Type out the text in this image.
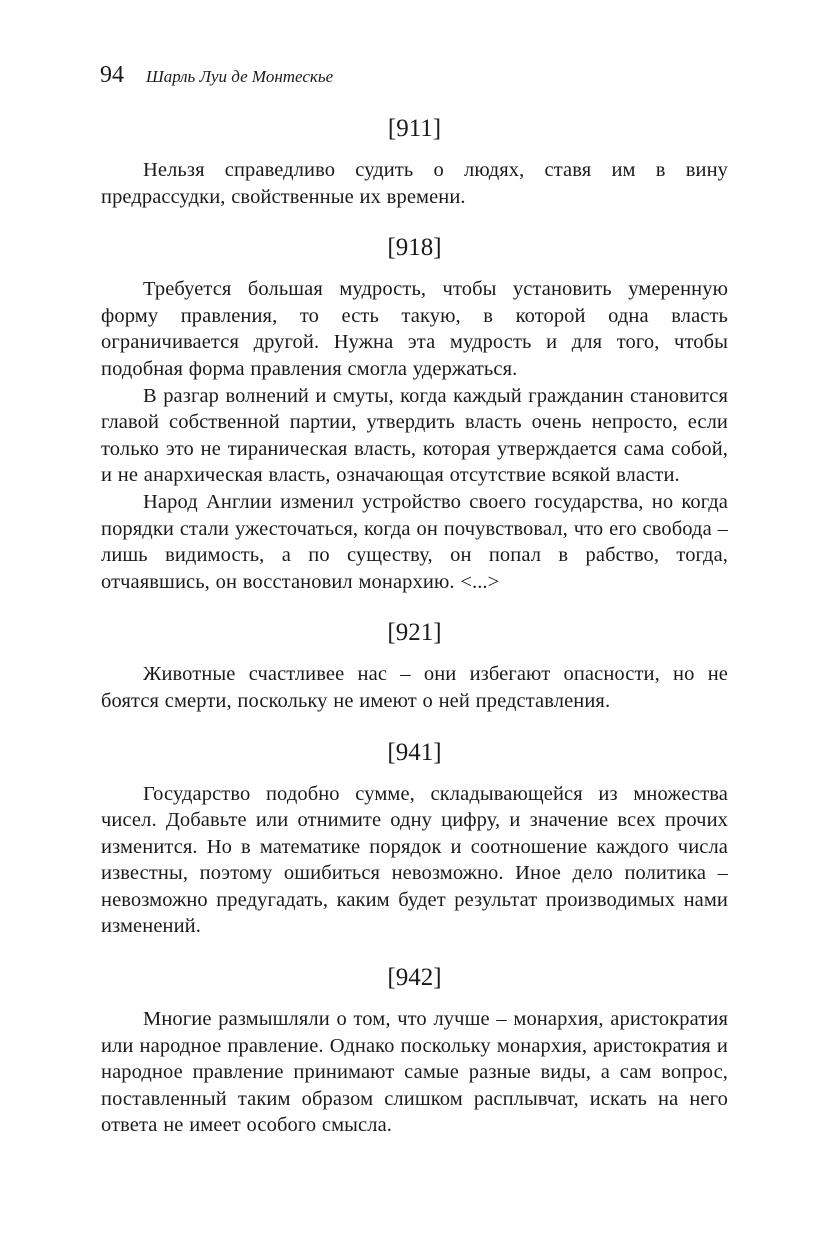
94 Шарль Луи де Монтескье
[911]

Нельзя справедливо судить о людях, ставя им в вину предрассудки, свойственные их времени.

[918]

Требуется большая мудрость, чтобы установить умеренную форму правления, то есть такую, в которой одна власть ограничивается другой. Нужна эта мудрость и для того, чтобы подобная форма правления смогла удержаться.

В разгар волнений и смуты, когда каждый гражданин становится главой собственной партии, утвердить власть очень непросто, если только это не тираническая власть, которая утверждается сама собой, и не анархическая власть, означающая отсутствие всякой власти.

Народ Англии изменил устройство своего государства, но когда порядки стали ужесточаться, когда он почувствовал, что его свобода – лишь видимость, а по существу, он попал в рабство, тогда, отчаявшись, он восстановил монархию. <...>

[921]

Животные счастливее нас – они избегают опасности, но не боятся смерти, поскольку не имеют о ней представления.

[941]

Государство подобно сумме, складывающейся из множества чисел. Добавьте или отнимите одну цифру, и значение всех прочих изменится. Но в математике порядок и соотношение каждого числа известны, поэтому ошибиться невозможно. Иное дело политика – невозможно предугадать, каким будет результат производимых нами изменений.

[942]

Многие размышляли о том, что лучше – монархия, аристократия или народное правление. Однако поскольку монархия, аристократия и народное правление принимают самые разные виды, а сам вопрос, поставленный таким образом слишком расплывчат, искать на него ответа не имеет особого смысла.
